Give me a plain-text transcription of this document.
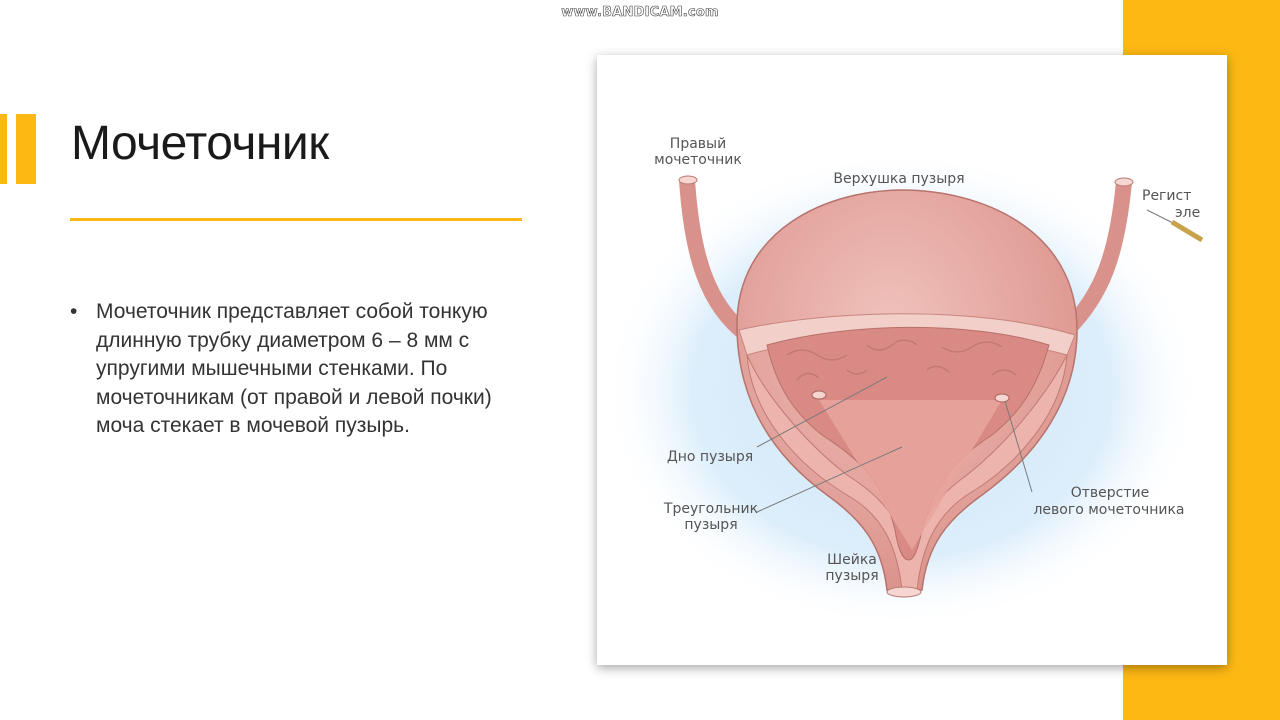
www.BANDICAM.com
Мочеточник
• Мочеточник представляет собой тонкую длинную трубку диаметром 6 – 8 мм с упругими мышечными стенками. По мочеточникам (от правой и левой почки) моча стекает в мочевой пузырь.
Правый
мочеточник
Верхушка пузыря
Регист
эле
Дно пузыря
Треугольник
пузыря
Шейка
пузыря
Отверстие
левого мочеточника
